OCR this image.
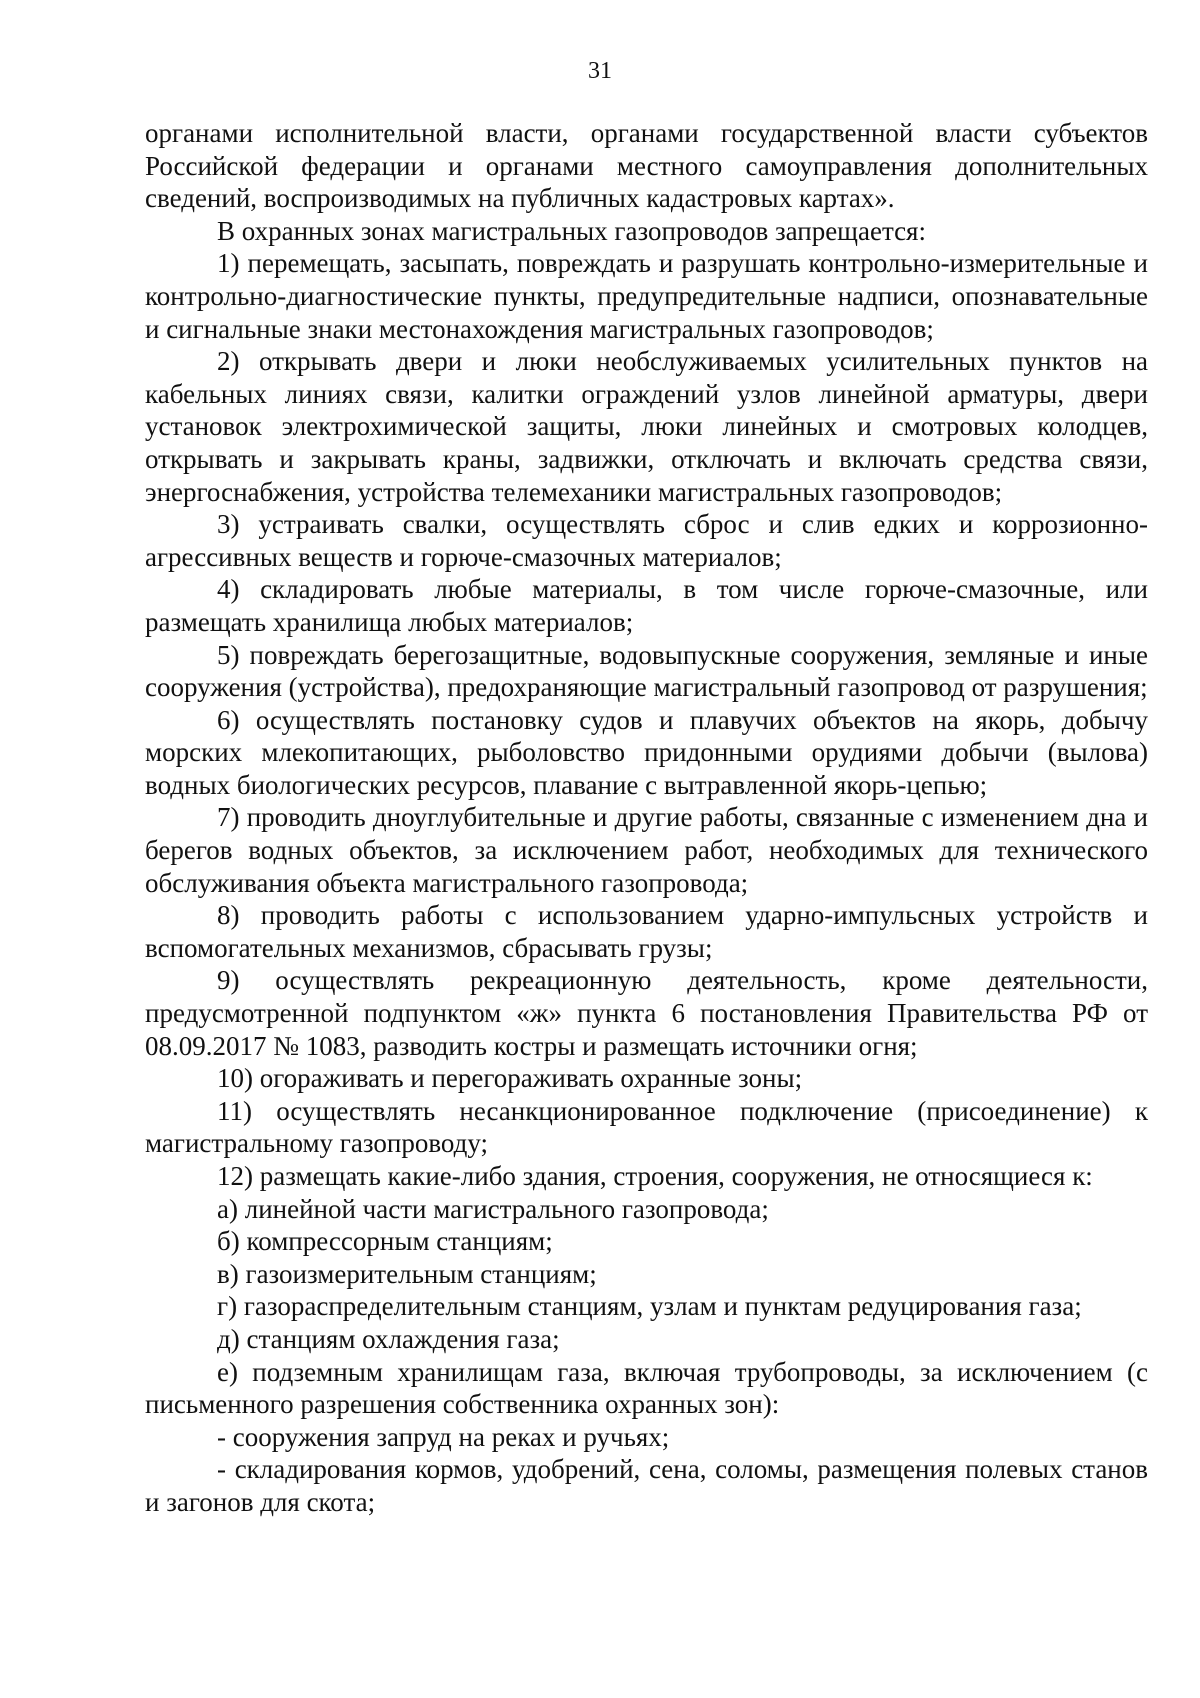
31

органами исполнительной власти, органами государственной власти субъектов Российской федерации и органами местного самоуправления дополнительных сведений, воспроизводимых на публичных кадастровых картах».

В охранных зонах магистральных газопроводов запрещается:

1) перемещать, засыпать, повреждать и разрушать контрольно-измерительные и контрольно-диагностические пункты, предупредительные надписи, опознавательные и сигнальные знаки местонахождения магистральных газопроводов;

2) открывать двери и люки необслуживаемых усилительных пунктов на кабельных линиях связи, калитки ограждений узлов линейной арматуры, двери установок электрохимической защиты, люки линейных и смотровых колодцев, открывать и закрывать краны, задвижки, отключать и включать средства связи, энергоснабжения, устройства телемеханики магистральных газопроводов;

3) устраивать свалки, осуществлять сброс и слив едких и коррозионно-агрессивных веществ и горюче-смазочных материалов;

4) складировать любые материалы, в том числе горюче-смазочные, или размещать хранилища любых материалов;

5) повреждать берегозащитные, водовыпускные сооружения, земляные и иные сооружения (устройства), предохраняющие магистральный газопровод от разрушения;

6) осуществлять постановку судов и плавучих объектов на якорь, добычу морских млекопитающих, рыболовство придонными орудиями добычи (вылова) водных биологических ресурсов, плавание с вытравленной якорь-цепью;

7) проводить дноуглубительные и другие работы, связанные с изменением дна и берегов водных объектов, за исключением работ, необходимых для технического обслуживания объекта магистрального газопровода;

8) проводить работы с использованием ударно-импульсных устройств и вспомогательных механизмов, сбрасывать грузы;

9) осуществлять рекреационную деятельность, кроме деятельности, предусмотренной подпунктом «ж» пункта 6 постановления Правительства РФ от 08.09.2017 № 1083, разводить костры и размещать источники огня;

10) огораживать и перегораживать охранные зоны;

11) осуществлять несанкционированное подключение (присоединение) к магистральному газопроводу;

12) размещать какие-либо здания, строения, сооружения, не относящиеся к:

а) линейной части магистрального газопровода;

б) компрессорным станциям;

в) газоизмерительным станциям;

г) газораспределительным станциям, узлам и пунктам редуцирования газа;

д) станциям охлаждения газа;

е) подземным хранилищам газа, включая трубопроводы, за исключением (с письменного разрешения собственника охранных зон):

- сооружения запруд на реках и ручьях;

- складирования кормов, удобрений, сена, соломы, размещения полевых станов и загонов для скота;
